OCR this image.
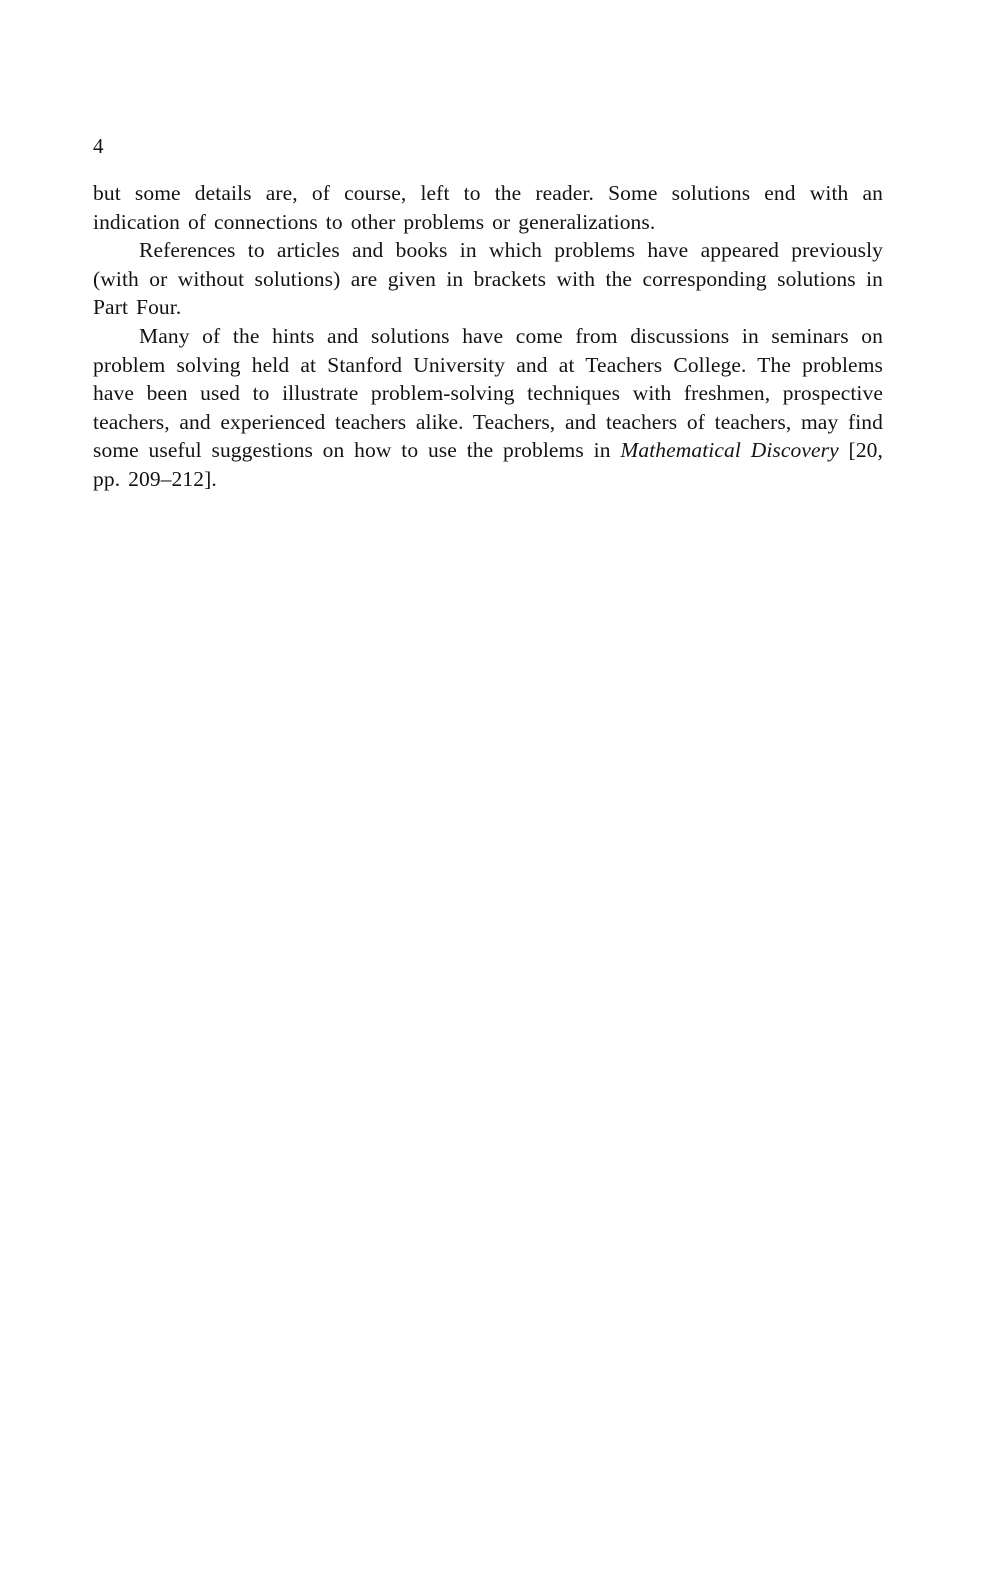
4

but some details are, of course, left to the reader. Some solutions end with an indication of connections to other problems or generalizations.

References to articles and books in which problems have appeared previously (with or without solutions) are given in brackets with the corresponding solutions in Part Four.

Many of the hints and solutions have come from discussions in seminars on problem solving held at Stanford University and at Teachers College. The problems have been used to illustrate problem-solving techniques with freshmen, prospective teachers, and experienced teachers alike. Teachers, and teachers of teachers, may find some useful suggestions on how to use the problems in Mathematical Discovery [20, pp. 209–212].
